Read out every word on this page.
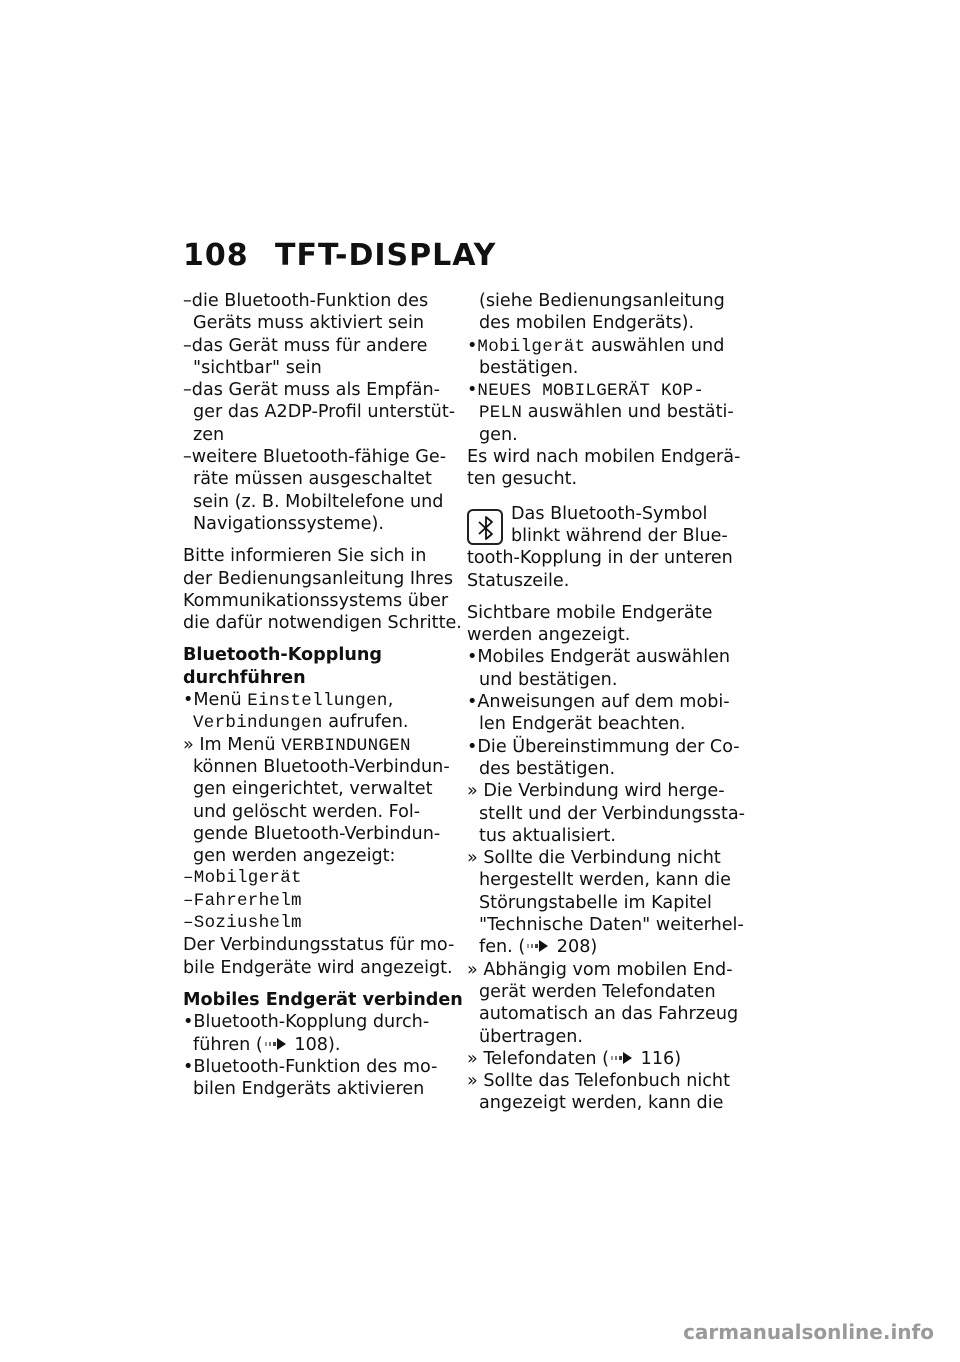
108 TFT-DISPLAY
–die Bluetooth-Funktion des
Geräts muss aktiviert sein
–das Gerät muss für andere
"sichtbar" sein
–das Gerät muss als Empfän-
ger das A2DP-Profil unterstüt-
zen
–weitere Bluetooth-fähige Ge-
räte müssen ausgeschaltet
sein (z. B. Mobiltelefone und
Navigationssysteme).
Bitte informieren Sie sich in
der Bedienungsanleitung Ihres
Kommunikationssystems über
die dafür notwendigen Schritte.
Bluetooth-Kopplung
durchführen
•Menü Einstellungen,
Verbindungen aufrufen.
» Im Menü VERBINDUNGEN
können Bluetooth-Verbindun-
gen eingerichtet, verwaltet
und gelöscht werden. Fol-
gende Bluetooth-Verbindun-
gen werden angezeigt:
–Mobilgerät
–Fahrerhelm
–Soziushelm
Der Verbindungsstatus für mo-
bile Endgeräte wird angezeigt.
Mobiles Endgerät verbinden
•Bluetooth-Kopplung durch-
führen ( 108).
•Bluetooth-Funktion des mo-
bilen Endgeräts aktivieren
(siehe Bedienungsanleitung
des mobilen Endgeräts).
•Mobilgerät auswählen und
bestätigen.
•NEUES MOBILGERÄT KOP-
PELN auswählen und bestäti-
gen.
Es wird nach mobilen Endgerä-
ten gesucht.
Das Bluetooth-Symbol
blinkt während der Blue-
tooth-Kopplung in der unteren
Statuszeile.
Sichtbare mobile Endgeräte
werden angezeigt.
•Mobiles Endgerät auswählen
und bestätigen.
•Anweisungen auf dem mobi-
len Endgerät beachten.
•Die Übereinstimmung der Co-
des bestätigen.
» Die Verbindung wird herge-
stellt und der Verbindungssta-
tus aktualisiert.
» Sollte die Verbindung nicht
hergestellt werden, kann die
Störungstabelle im Kapitel
"Technische Daten" weiterhel-
fen. ( 208)
» Abhängig vom mobilen End-
gerät werden Telefondaten
automatisch an das Fahrzeug
übertragen.
» Telefondaten ( 116)
» Sollte das Telefonbuch nicht
angezeigt werden, kann die
carmanualsonline.info
